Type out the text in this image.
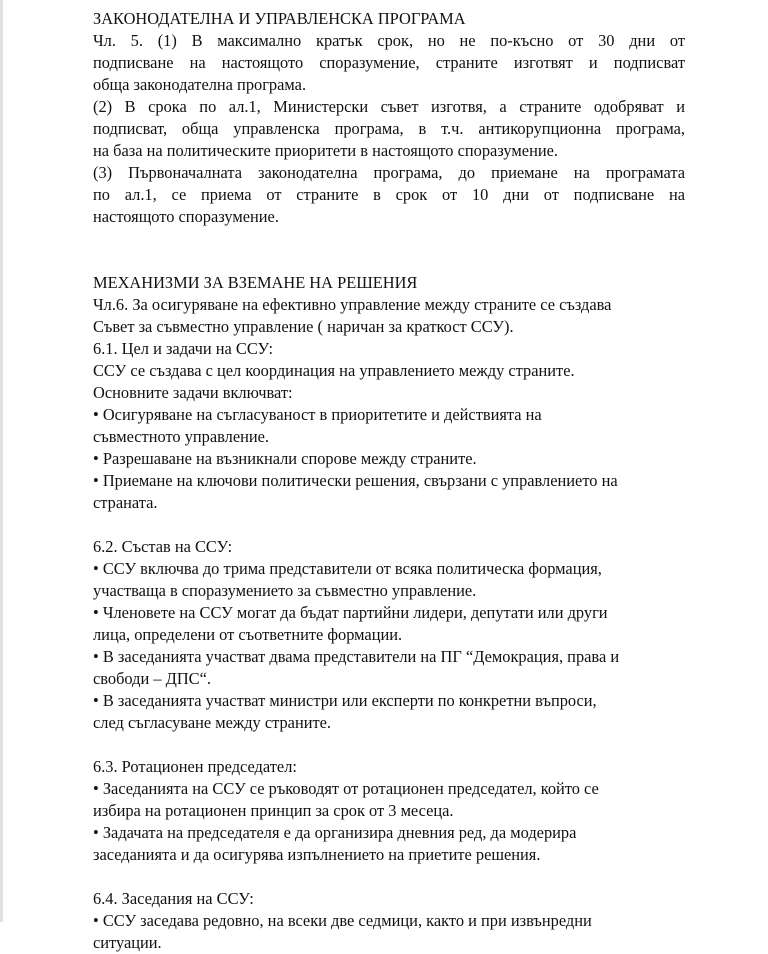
ЗАКОНОДАТЕЛНА И УПРАВЛЕНСКА ПРОГРАМА
Чл. 5. (1) В максимално кратък срок, но не по-късно от 30 дни от
подписване на настоящото споразумение, страните изготвят и подписват
обща законодателна програма.
(2) В срока по ал.1, Министерски съвет изготвя, а страните одобряват и
подписват, обща управленска програма, в т.ч. антикорупционна програма,
на база на политическите приоритети в настоящото споразумение.
(3) Първоначалната законодателна програма, до приемане на програмата
по ал.1, се приема от страните в срок от 10 дни от подписване на
настоящото споразумение.
МЕХАНИЗМИ ЗА ВЗЕМАНЕ НА РЕШЕНИЯ
Чл.6. За осигуряване на ефективно управление между страните се създава
Съвет за съвместно управление ( наричан за краткост ССУ).
6.1. Цел и задачи на ССУ:
ССУ се създава с цел координация на управлението между страните.
Основните задачи включват:
• Осигуряване на съгласуваност в приоритетите и действията на
съвместното управление.
• Разрешаване на възникнали спорове между страните.
• Приемане на ключови политически решения, свързани с управлението на
страната.
6.2. Състав на ССУ:
• ССУ включва до трима представители от всяка политическа формация,
участваща в споразумението за съвместно управление.
• Членовете на ССУ могат да бъдат партийни лидери, депутати или други
лица, определени от съответните формации.
• В заседанията участват двама представители на ПГ “Демокрация, права и
свободи – ДПС“.
• В заседанията участват министри или експерти по конкретни въпроси,
след съгласуване между страните.
6.3. Ротационен председател:
• Заседанията на ССУ се ръководят от ротационен председател, който се
избира на ротационен принцип за срок от 3 месеца.
• Задачата на председателя е да организира дневния ред, да модерира
заседанията и да осигурява изпълнението на приетите решения.
6.4. Заседания на ССУ:
• ССУ заседава редовно, на всеки две седмици, както и при извънредни
ситуации.
